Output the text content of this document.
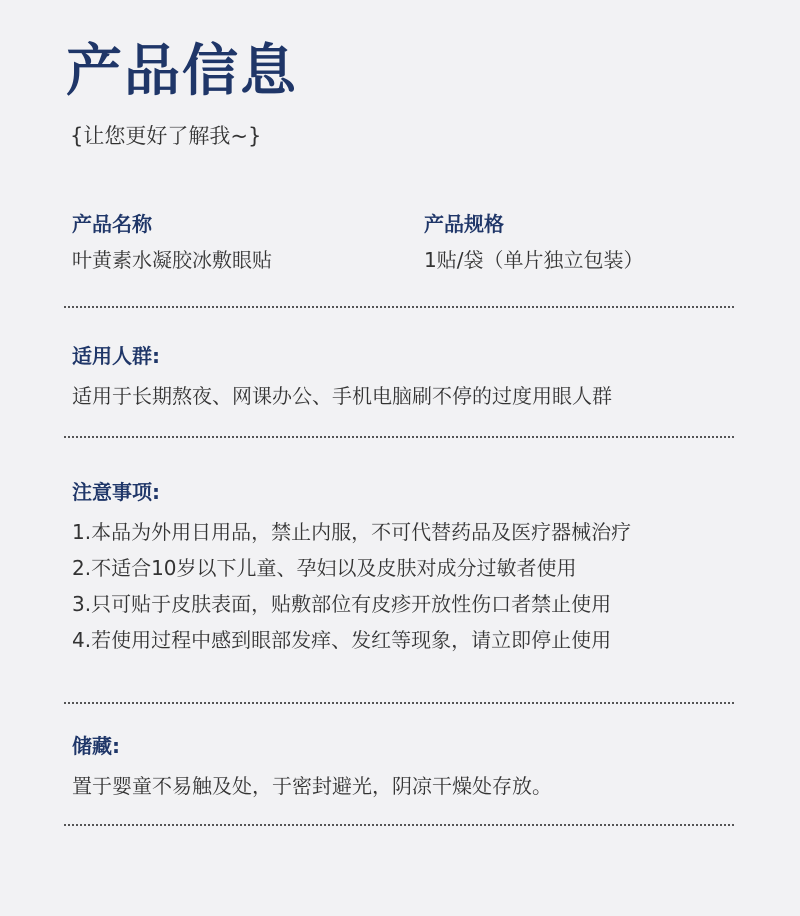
产品信息
{让您更好了解我~}
产品名称
叶黄素水凝胶冰敷眼贴
产品规格
1贴/袋（单片独立包装）
适用人群:
适用于长期熬夜、网课办公、手机电脑刷不停的过度用眼人群
注意事项:
1.本品为外用日用品，禁止内服，不可代替药品及医疗器械治疗
2.不适合10岁以下儿童、孕妇以及皮肤对成分过敏者使用
3.只可贴于皮肤表面，贴敷部位有皮疹开放性伤口者禁止使用
4.若使用过程中感到眼部发痒、发红等现象，请立即停止使用
储藏:
置于婴童不易触及处，于密封避光，阴凉干燥处存放。
